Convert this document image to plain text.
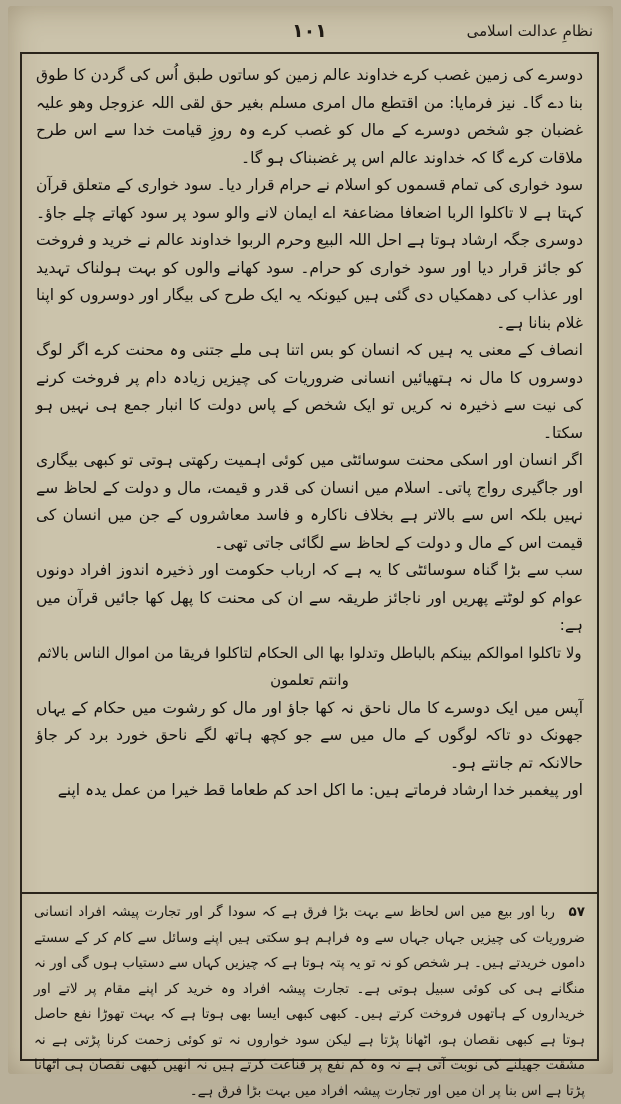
نظامِ عدالت اسلامی
۱۰۱

دوسرے کی زمین غصب کرے خداوند عالم زمین کو ساتوں طبق اُس کی گردن کا طوق بنا دے گا۔ نیز فرمایا: من اقتطع مال امری مسلم بغیر حق لقی اللہ عزوجل وھو علیہ غضبان جو شخص دوسرے کے مال کو غصب کرے وہ روزِ قیامت خدا سے اس طرح ملاقات کرے گا کہ خداوند عالم اس پر غضبناک ہو گا۔

سود خواری کی تمام قسموں کو اسلام نے حرام قرار دیا۔ سود خواری کے متعلق قرآن کہتا ہے لا تاکلوا الربا اضعافا مضاعفۃ اے ایمان لانے والو سود پر سود کھاتے چلے جاؤ۔ دوسری جگہ ارشاد ہوتا ہے احل اللہ البیع وحرم الربوا خداوند عالم نے خرید و فروخت کو جائز قرار دیا اور سود خواری کو حرام۔ سود کھانے والوں کو بہت ہولناک تہدید اور عذاب کی دھمکیاں دی گئی ہیں کیونکہ یہ ایک طرح کی بیگار اور دوسروں کو اپنا غلام بنانا ہے۔

انصاف کے معنی یہ ہیں کہ انسان کو بس اتنا ہی ملے جتنی وہ محنت کرے اگر لوگ دوسروں کا مال نہ ہتھیائیں انسانی ضروریات کی چیزیں زیادہ دام پر فروخت کرنے کی نیت سے ذخیرہ نہ کریں تو ایک شخص کے پاس دولت کا انبار جمع ہی نہیں ہو سکتا۔

اگر انسان اور اسکی محنت سوسائٹی میں کوئی اہمیت رکھتی ہوتی تو کبھی بیگاری اور جاگیری رواج پاتی۔ اسلام میں انسان کی قدر و قیمت، مال و دولت کے لحاظ سے نہیں بلکہ اس سے بالاتر ہے بخلاف ناکارہ و فاسد معاشروں کے جن میں انسان کی قیمت اس کے مال و دولت کے لحاظ سے لگائی جاتی تھی۔

سب سے بڑا گناہ سوسائٹی کا یہ ہے کہ ارباب حکومت اور ذخیرہ اندوز افراد دونوں عوام کو لوٹتے پھریں اور ناجائز طریقہ سے ان کی محنت کا پھل کھا جائیں قرآن میں ہے:

ولا تاکلوا اموالکم بینکم بالباطل وتدلوا بھا الی الحکام لتاکلوا فریقا من اموال الناس بالاثم وانتم تعلمون

آپس میں ایک دوسرے کا مال ناحق نہ کھا جاؤ اور مال کو رشوت میں حکام کے یہاں جھونک دو تاکہ لوگوں کے مال میں سے جو کچھ ہاتھ لگے ناحق خورد برد کر جاؤ حالانکہ تم جانتے ہو۔

اور پیغمبر خدا ارشاد فرماتے ہیں: ما اکل احد کم طعاما قط خیرا من عمل یدہ اپنے

۵۷ ربا اور بیع میں اس لحاظ سے بہت بڑا فرق ہے کہ سودا گر اور تجارت پیشہ افراد انسانی ضروریات کی چیزیں جہاں جہاں سے وہ فراہم ہو سکتی ہیں اپنے وسائل سے کام کر کے سستے داموں خریدتے ہیں۔ ہر شخص کو نہ تو یہ پتہ ہوتا ہے کہ چیزیں کہاں سے دستیاب ہوں گی اور نہ منگانے ہی کی کوئی سبیل ہوتی ہے۔ تجارت پیشہ افراد وہ خرید کر اپنے مقام پر لاتے اور خریداروں کے ہاتھوں فروخت کرتے ہیں۔ کبھی کبھی ایسا بھی ہوتا ہے کہ بہت تھوڑا نفع حاصل ہوتا ہے کبھی نقصان ہو، اٹھانا پڑتا ہے لیکن سود خواروں نہ تو کوئی زحمت کرنا پڑتی ہے نہ مشقت جھیلنے کی نوبت آتی ہے نہ وہ کم نفع پر قناعت کرتے ہیں نہ انھیں کبھی نقصان ہی اٹھانا پڑتا ہے اس بنا پر ان میں اور تجارت پیشہ افراد میں بہت بڑا فرق ہے۔
